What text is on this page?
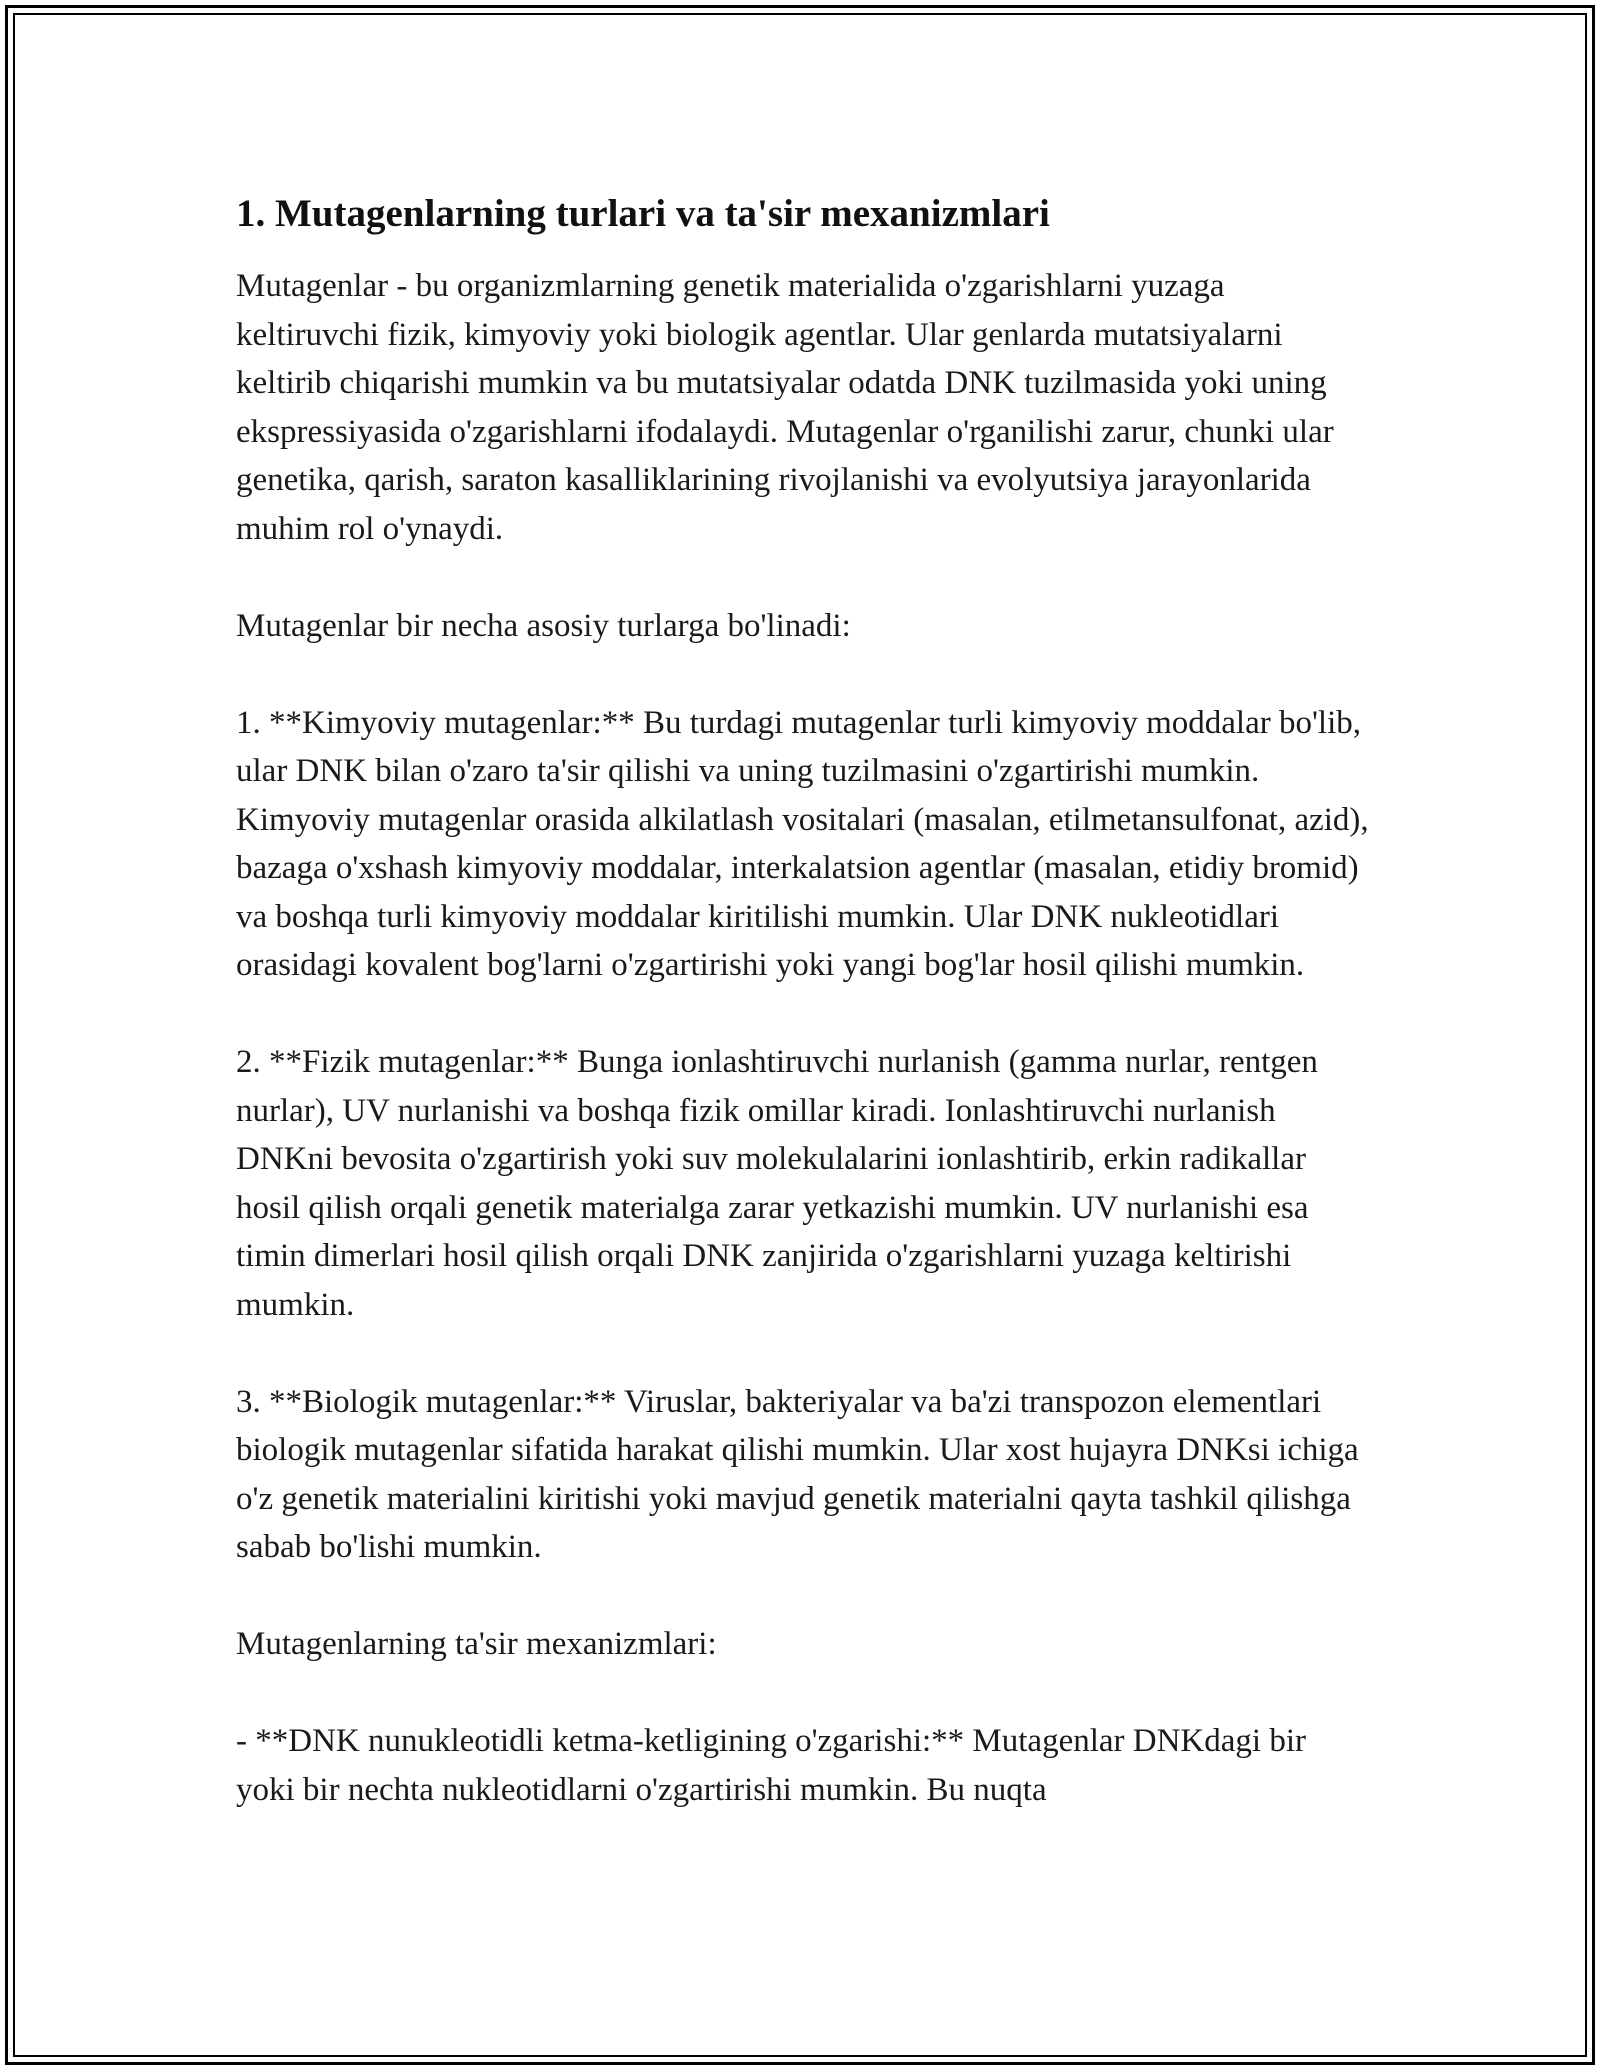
1. Mutagenlarning turlari va ta'sir mexanizmlari

Mutagenlar - bu organizmlarning genetik materialida o'zgarishlarni yuzaga keltiruvchi fizik, kimyoviy yoki biologik agentlar. Ular genlarda mutatsiyalarni keltirib chiqarishi mumkin va bu mutatsiyalar odatda DNK tuzilmasida yoki uning ekspressiyasida o'zgarishlarni ifodalaydi. Mutagenlar o'rganilishi zarur, chunki ular genetika, qarish, saraton kasalliklarining rivojlanishi va evolyutsiya jarayonlarida muhim rol o'ynaydi.

Mutagenlar bir necha asosiy turlarga bo'linadi:

1. **Kimyoviy mutagenlar:** Bu turdagi mutagenlar turli kimyoviy moddalar bo'lib, ular DNK bilan o'zaro ta'sir qilishi va uning tuzilmasini o'zgartirishi mumkin. Kimyoviy mutagenlar orasida alkilatlash vositalari (masalan, etilmetansulfonat, azid), bazaga o'xshash kimyoviy moddalar, interkalatsion agentlar (masalan, etidiy bromid) va boshqa turli kimyoviy moddalar kiritilishi mumkin. Ular DNK nukleotidlari orasidagi kovalent bog'larni o'zgartirishi yoki yangi bog'lar hosil qilishi mumkin.

2. **Fizik mutagenlar:** Bunga ionlashtiruvchi nurlanish (gamma nurlar, rentgen nurlar), UV nurlanishi va boshqa fizik omillar kiradi. Ionlashtiruvchi nurlanish DNKni bevosita o'zgartirish yoki suv molekulalarini ionlashtirib, erkin radikallar hosil qilish orqali genetik materialga zarar yetkazishi mumkin. UV nurlanishi esa timin dimerlari hosil qilish orqali DNK zanjirida o'zgarishlarni yuzaga keltirishi mumkin.

3. **Biologik mutagenlar:** Viruslar, bakteriyalar va ba'zi transpozon elementlari biologik mutagenlar sifatida harakat qilishi mumkin. Ular xost hujayra DNKsi ichiga o'z genetik materialini kiritishi yoki mavjud genetik materialni qayta tashkil qilishga sabab bo'lishi mumkin.

Mutagenlarning ta'sir mexanizmlari:

- **DNK nunukleotidli ketma-ketligining o'zgarishi:** Mutagenlar DNKdagi bir yoki bir nechta nukleotidlarni o'zgartirishi mumkin. Bu nuqta
